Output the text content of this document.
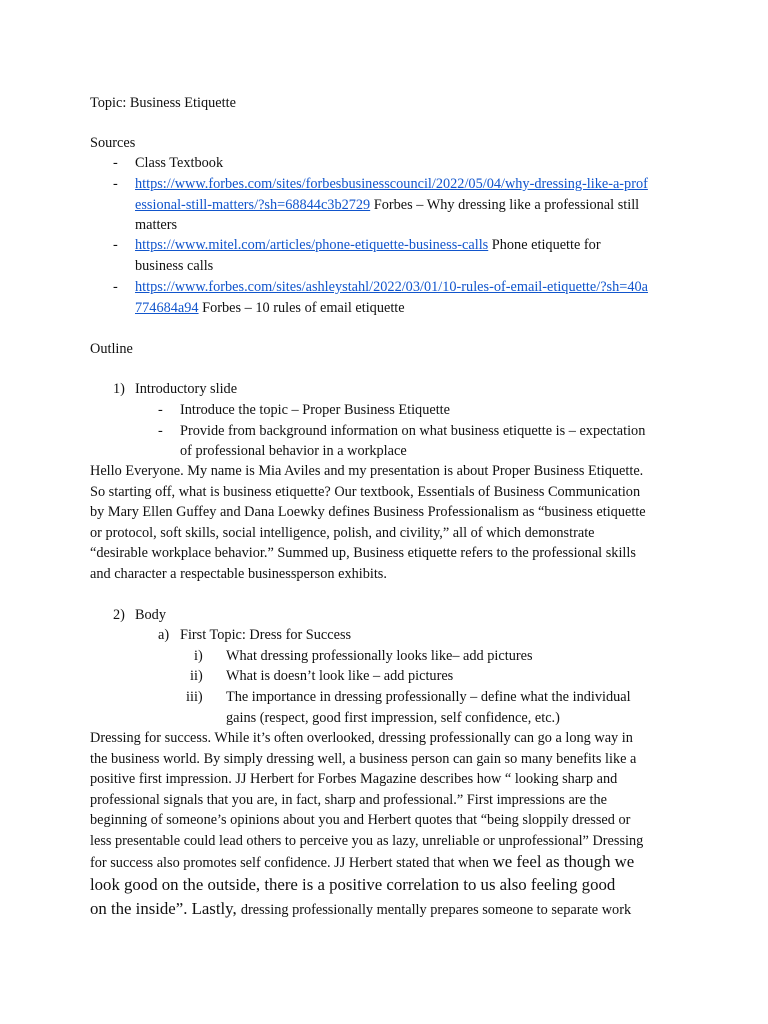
Topic: Business Etiquette
Sources
- Class Textbook
- https://www.forbes.com/sites/forbesbusinesscouncil/2022/05/04/why-dressing-like-a-prof
essional-still-matters/?sh=68844c3b2729 Forbes – Why dressing like a professional still
matters
- https://www.mitel.com/articles/phone-etiquette-business-calls Phone etiquette for
business calls
- https://www.forbes.com/sites/ashleystahl/2022/03/01/10-rules-of-email-etiquette/?sh=40a
774684a94 Forbes – 10 rules of email etiquette
Outline
1) Introductory slide
- Introduce the topic – Proper Business Etiquette
- Provide from background information on what business etiquette is – expectation
of professional behavior in a workplace
Hello Everyone. My name is Mia Aviles and my presentation is about Proper Business Etiquette.
So starting off, what is business etiquette? Our textbook, Essentials of Business Communication
by Mary Ellen Guffey and Dana Loewky defines Business Professionalism as “business etiquette
or protocol, soft skills, social intelligence, polish, and civility,” all of which demonstrate
“desirable workplace behavior.” Summed up, Business etiquette refers to the professional skills
and character a respectable businessperson exhibits.
2) Body
a) First Topic: Dress for Success
i) What dressing professionally looks like– add pictures
ii) What is doesn’t look like – add pictures
iii) The importance in dressing professionally – define what the individual
gains (respect, good first impression, self confidence, etc.)
Dressing for success. While it’s often overlooked, dressing professionally can go a long way in
the business world. By simply dressing well, a business person can gain so many benefits like a
positive first impression. JJ Herbert for Forbes Magazine describes how “ looking sharp and
professional signals that you are, in fact, sharp and professional.” First impressions are the
beginning of someone’s opinions about you and Herbert quotes that “being sloppily dressed or
less presentable could lead others to perceive you as lazy, unreliable or unprofessional” Dressing
for success also promotes self confidence. JJ Herbert stated that when we feel as though we
look good on the outside, there is a positive correlation to us also feeling good
on the inside”. Lastly, dressing professionally mentally prepares someone to separate work
